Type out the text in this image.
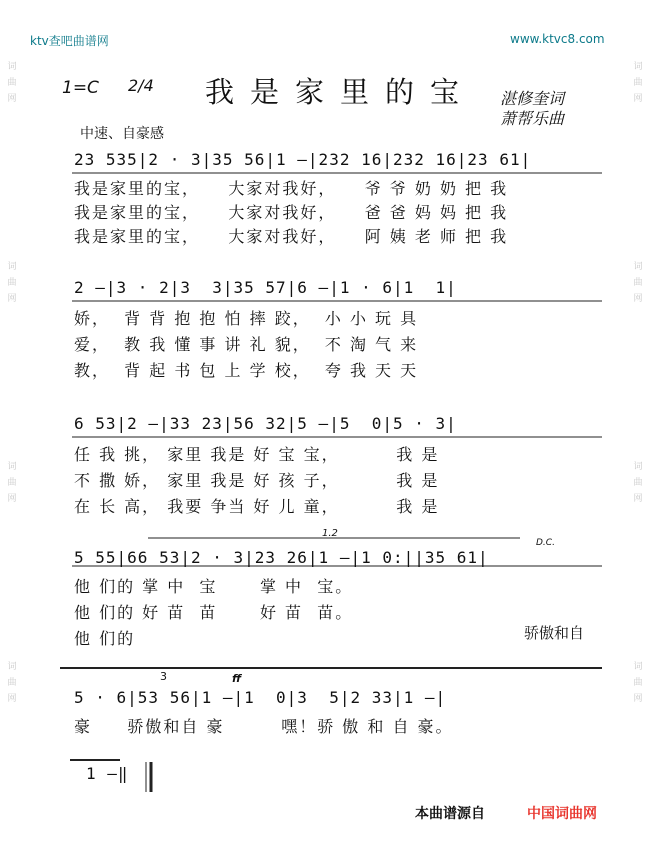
词
曲
网
词
曲
网
词
曲
网
词
曲
网
词
曲
网
词
曲
网
词
曲
网
词
曲
网
ktv查吧曲谱网	www.ktvc8.com
1=C 2/4 我是家里的宝 湛修奎词
萧帮乐曲
中速、自豪感
23 535|2 · 3|35 56|1 —|232 16|232 16|23 61|
我是家里的宝，    大家对我好，    爷 爷 奶 奶 把 我
我是家里的宝，    大家对我好，    爸 爸 妈 妈 把 我
我是家里的宝，    大家对我好，    阿 姨 老 师 把 我
2 —|3 · 2|3  3|35 57|6 —|1 · 6|1  1|
娇，  背 背 抱 抱 怕 摔 跤，  小 小 玩 具
爱，  教 我 懂 事 讲 礼 貌，  不 淘 气 来
教，  背 起 书 包 上 学 校，  夸 我 天 天
6 53|2 —|33 23|56 32|5 —|5  0|5 · 3|
任 我 挑， 家里 我是 好 宝 宝，        我 是
不 撒 娇， 家里 我是 好 孩 子，        我 是
在 长 高， 我要 争当 好 儿 童，        我 是
1.2
D.C.
5 55|66 53|2 · 3|23 26|1 —|1 0:||35 61|
他 们的 掌 中  宝      掌 中  宝。
他 们的 好 苗  苗      好 苗  苗。
他 们的	骄傲和自
3	ff
5 · 6|53 56|1 —|1  0|3  5|2 33|1 —|
豪     骄傲和自 豪        嘿！骄 傲 和 自 豪。
1 —‖
本曲谱源自	中国词曲网
